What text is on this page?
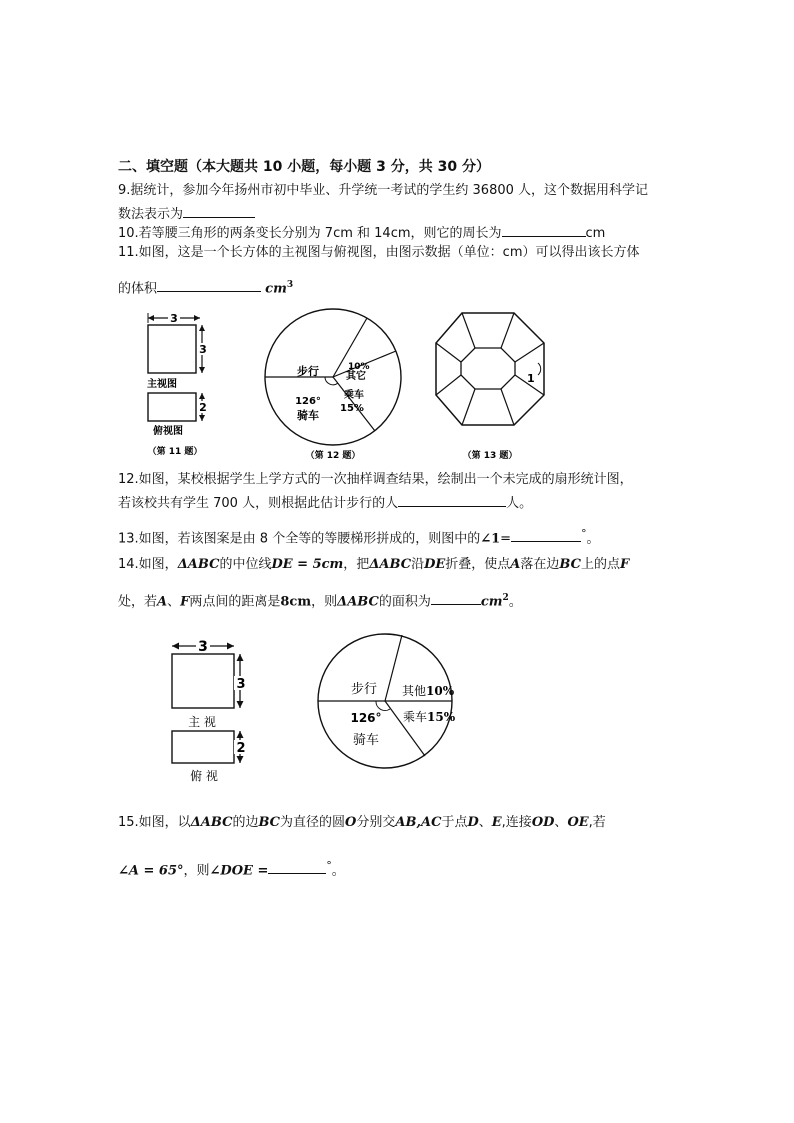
二、填空题（本大题共 10 小题，每小题 3 分，共 30 分）
9.据统计，参加今年扬州市初中毕业、升学统一考试的学生约 36800 人，这个数据用科学记
数法表示为
10.若等腰三角形的两条变长分别为 7cm 和 14cm，则它的周长为	cm
11.如图，这是一个长方体的主视图与俯视图，由图示数据（单位：cm）可以得出该长方体
的体积	$cm^3$
3
3
主视图
2
俯视图
（第 11 题）
步行	其它
10%
乘车
15%
126°
骑车
（第 12 题）
1
（第 13 题）
12.如图，某校根据学生上学方式的一次抽样调查结果，绘制出一个未完成的扇形统计图，
若该校共有学生 700 人，则根据此估计步行的人	人。
13.如图，若该图案是由 8 个全等的等腰梯形拼成的，则图中的∠1=	°。
14.如图，ΔABC的中位线DE = 5cm，把ΔABC沿DE折叠，使点A落在边BC上的点F
处，若A、F两点间的距离是8cm，则ΔABC的面积为	$cm^2$。
3
3
主 视
2
俯 视
步行 其他10%
乘车15%
126°
骑车
15.如图，以ΔABC的边BC为直径的圆O分别交AB,AC于点D、E,连接OD、OE,若
∠A = 65°，则∠DOE =	°。
